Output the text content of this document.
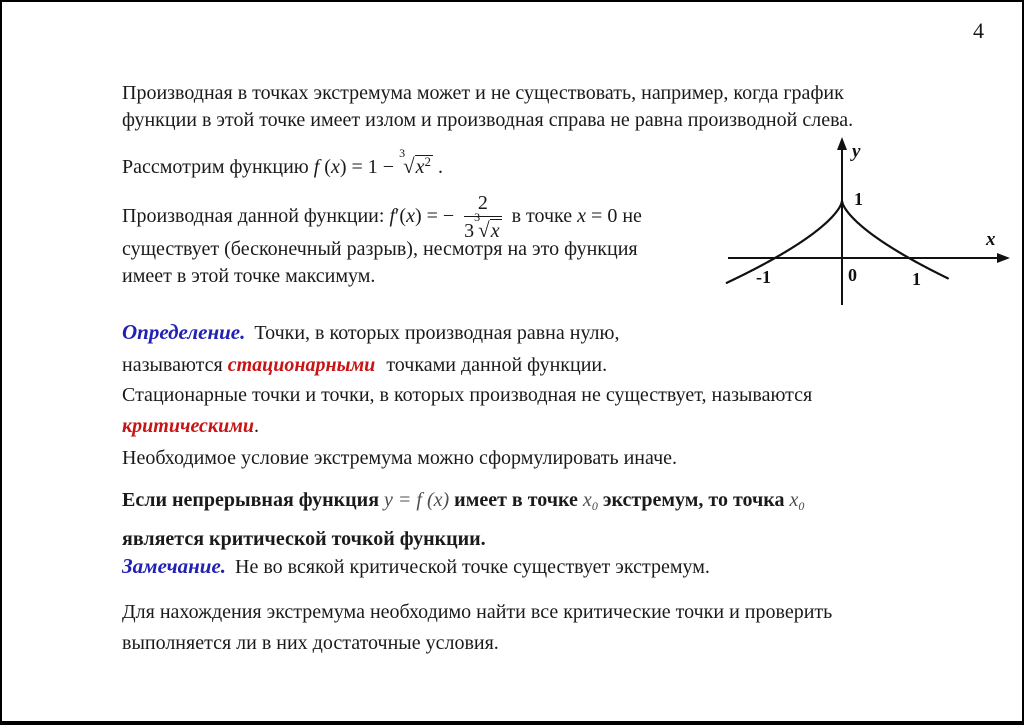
4
Производная в точках экстремума может и не существовать, например, когда график
функции в этой точке имеет излом и производная справа не равна производной слева.
Рассмотрим функцию f $(x) = 1 - ^3√x^2$ .
Производная данной функции: f′(x) = − $\frac{2}{3^3√x}$ в точке x = 0 не
существует (бесконечный разрыв), несмотря на это функция
имеет в этой точке максимум.
y
x
1
-1	0	1
Определение. Точки, в которых производная равна нулю,
называются стационарными точками данной функции.
Стационарные точки и точки, в которых производная не существует, называются
критическими.
Необходимое условие экстремума можно сформулировать иначе.
Если непрерывная функция y = f (x) имеет в точке $x_0$ экстремум, то точка $x_0$
является критической точкой функции.
Замечание. Не во всякой критической точке существует экстремум.
Для нахождения экстремума необходимо найти все критические точки и проверить
выполняется ли в них достаточные условия.
